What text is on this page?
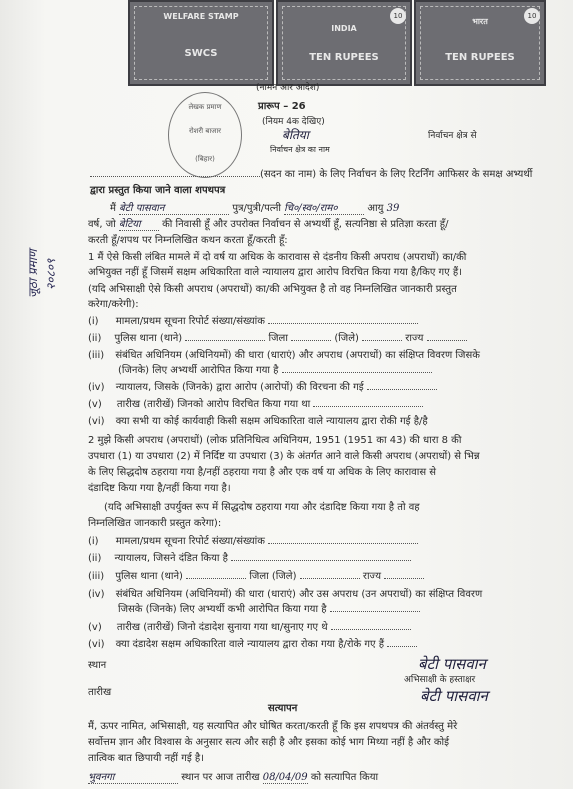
WELFARE STAMP
SWCS
INDIA
TEN RUPEES
10
भारत
TEN RUPEES
10
लेखक प्रमाण
रोशरी बाजार
(बिहार)
(नामन आर आदेश)
प्रारूप – 26
(नियम 4क देखिए)
बेतिया	निर्वाचन क्षेत्र से
निर्वाचन क्षेत्र का नाम
(सदन का नाम) के लिए निर्वाचन के लिए रिटर्निंग आफिसर के समक्ष अभ्यर्थी
द्वारा प्रस्तुत किया जाने वाला शपथपत्र
जूठा प्रमाण २०८०९
मैं बेटी पासवान	पुत्र/पुत्री/पत्नी चि०/स्व०/राम०	आयु 39
वर्ष, जो बेटिया की निवासी हूँ और उपरोक्त निर्वाचन से अभ्यर्थी हूँ, सत्यनिष्ठा से प्रतिज्ञा करता हूँ/
करती हूँ/शपथ पर निम्नलिखित कथन करता हूँ/करती हूँ:
1 मैं ऐसे किसी लंबित मामले में दो वर्ष या अधिक के कारावास से दंडनीय किसी अपराध (अपराधों) का/की
अभियुक्त नहीं हूँ जिसमें सक्षम अधिकारिता वाले न्यायालय द्वारा आरोप विरचित किया गया है/किए गए हैं।
(यदि अभिसाक्षी ऐसे किसी अपराध (अपराधों) का/की अभियुक्त है तो वह निम्नलिखित जानकारी प्रस्तुत
करेगा/करेगी):
(i) मामला/प्रथम सूचना रिपोर्ट संख्या/संख्यांक
(ii) पुलिस थाना (थाने)	जिला	(जिले)	राज्य
(iii) संबंधित अधिनियम (अधिनियमों) की धारा (धाराएं) और अपराध (अपराधों) का संक्षिप्त विवरण जिसके
(जिनके) लिए अभ्यर्थी आरोपित किया गया है
(iv) न्यायालय, जिसके (जिनके) द्वारा आरोप (आरोपों) की विरचना की गई
(v) तारीख (तारीखें) जिनको आरोप विरचित किया गया था
(vi) क्या सभी या कोई कार्यवाही किसी सक्षम अधिकारिता वाले न्यायालय द्वारा रोकी गई है/है
2 मुझे किसी अपराध (अपराधों) (लोक प्रतिनिधित्व अधिनियम, 1951 (1951 का 43) की धारा 8 की
उपधारा (1) या उपधारा (2) में निर्दिष्ट या उपधारा (3) के अंतर्गत आने वाले किसी अपराध (अपराधों) से भिन्न
के लिए सिद्धदोष ठहराया गया है/नहीं ठहराया गया है और एक वर्ष या अधिक के लिए कारावास से
दंडादिष्ट किया गया है/नहीं किया गया है।
(यदि अभिसाक्षी उपर्युक्त रूप में सिद्धदोष ठहराया गया और दंडादिष्ट किया गया है तो वह
निम्नलिखित जानकारी प्रस्तुत करेगा):
(i) मामला/प्रथम सूचना रिपोर्ट संख्या/संख्यांक
(ii) न्यायालय, जिसने दंडित किया है
(iii) पुलिस थाना (थाने)	जिला (जिले)	राज्य
(iv) संबंधित अधिनियम (अधिनियमों) की धारा (धाराएं) और उस अपराध (उन अपराधों) का संक्षिप्त विवरण
जिसके (जिनके) लिए अभ्यर्थी कभी आरोपित किया गया है
(v) तारीख (तारीखें) जिनो दंडादेश सुनाया गया था/सुनाए गए थे
(vi) क्या दंडादेश सक्षम अधिकारिता वाले न्यायालय द्वारा रोका गया है/रोके गए हैं
स्थान
तारीख
बेटी पासवान
अभिसाक्षी के हस्ताक्षर
बेटी पासवान
सत्यापन
मैं, ऊपर नामित, अभिसाक्षी, यह सत्यापित और घोषित करता/करती हूँ कि इस शपथपत्र की अंतर्वस्तु मेरे
सर्वोत्तम ज्ञान और विश्वास के अनुसार सत्य और सही है और इसका कोई भाग मिथ्या नहीं है और कोई
तात्विक बात छिपायी नहीं गई है।
भुवनगा	स्थान पर आज तारीख 08/04/09 को सत्यापित किया
